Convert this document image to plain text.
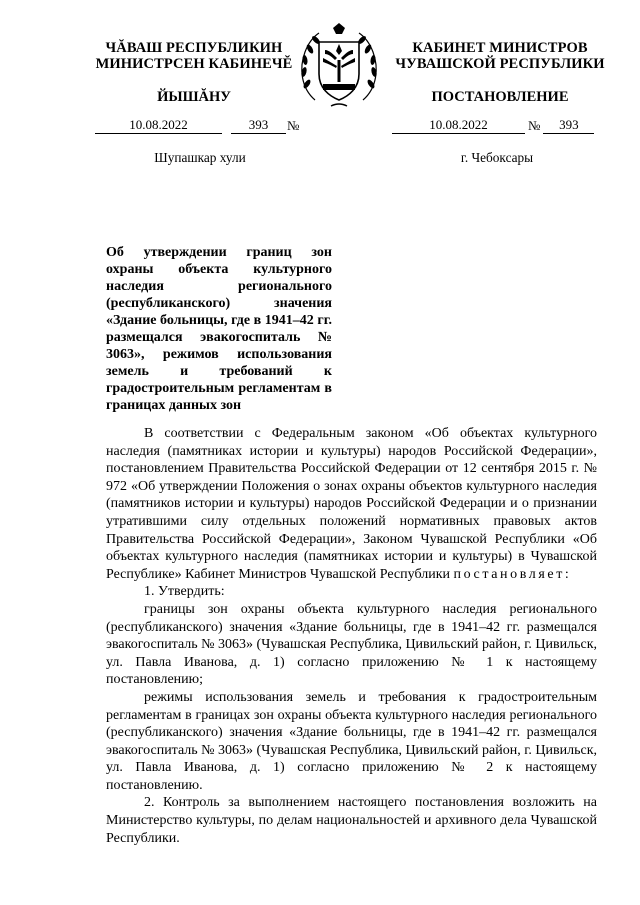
ЧĂВАШ РЕСПУБЛИКИН
МИНИСТРСЕН КАБИНЕЧĔ
КАБИНЕТ МИНИСТРОВ
ЧУВАШСКОЙ РЕСПУБЛИКИ
ЙЫШĂНУ	ПОСТАНОВЛЕНИЕ
10.08.2022	393	№	10.08.2022	№	393
Шупашкар хули	г. Чебоксары
Об утверждении границ зон охраны объекта культурного наследия регионального (республиканского) значения «Здание больницы, где в 1941–42 гг. размещался эвакогоспиталь № 3063», режимов использования земель и требований к градостроительным регламентам в границах данных зон

В соответствии с Федеральным законом «Об объектах культурного наследия (памятниках истории и культуры) народов Российской Федерации», постановлением Правительства Российской Федерации от 12 сентября 2015 г. № 972 «Об утверждении Положения о зонах охраны объектов культурного наследия (памятников истории и культуры) народов Российской Федерации и о признании утратившими силу отдельных положений нормативных правовых актов Правительства Российской Федерации», Законом Чувашской Республики «Об объектах культурного наследия (памятниках истории и культуры) в Чувашской Республике» Кабинет Министров Чувашской Республики постановляет:

1. Утвердить:

границы зон охраны объекта культурного наследия регионального (республиканского) значения «Здание больницы, где в 1941–42 гг. размещался эвакогоспиталь № 3063» (Чувашская Республика, Цивильский район, г. Цивильск, ул. Павла Иванова, д. 1) согласно приложению № 1 к настоящему постановлению;

режимы использования земель и требования к градостроительным регламентам в границах зон охраны объекта культурного наследия регионального (республиканского) значения «Здание больницы, где в 1941–42 гг. размещался эвакогоспиталь № 3063» (Чувашская Республика, Цивильский район, г. Цивильск, ул. Павла Иванова, д. 1) согласно приложению № 2 к настоящему постановлению.

2. Контроль за выполнением настоящего постановления возложить на Министерство культуры, по делам национальностей и архивного дела Чувашской Республики.
